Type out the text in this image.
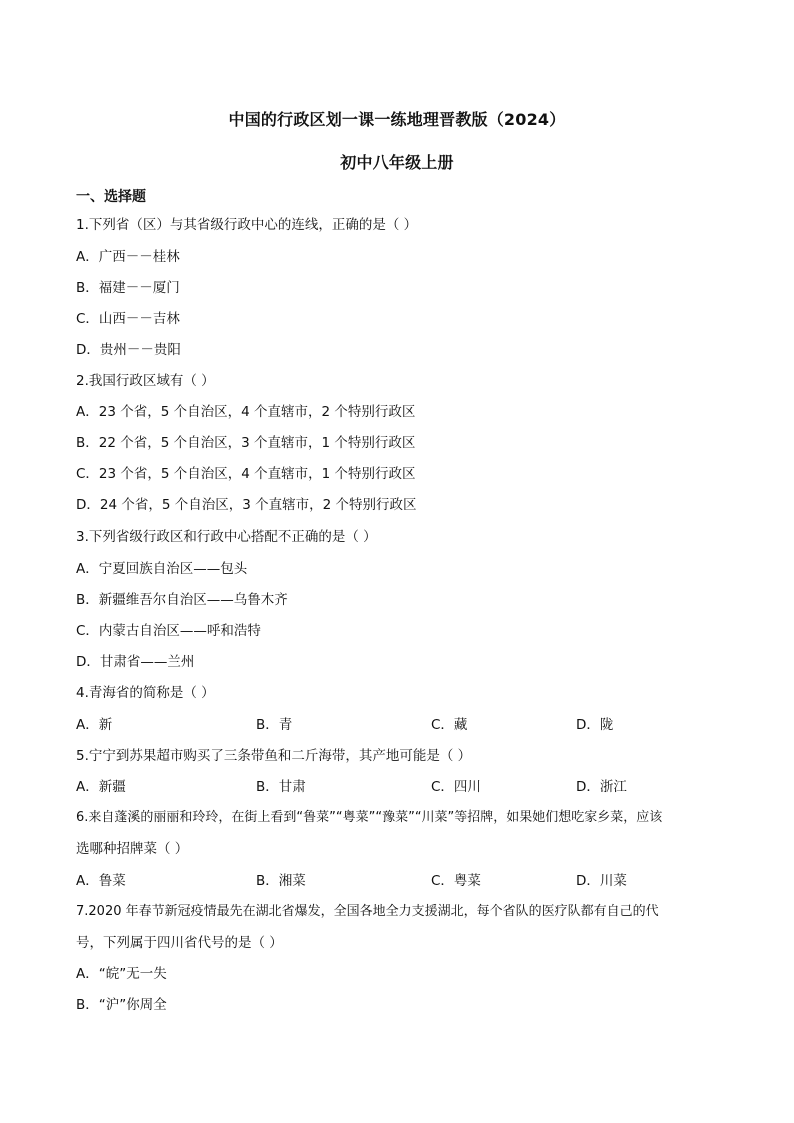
中国的行政区划一课一练地理晋教版（2024）
初中八年级上册
一、选择题
1.下列省（区）与其省级行政中心的连线，正确的是（ ）
A．广西－－桂林
B．福建－－厦门
C．山西－－吉林
D．贵州－－贵阳
2.我国行政区域有（ ）
A．23 个省，5 个自治区，4 个直辖市，2 个特别行政区
B．22 个省，5 个自治区，3 个直辖市，1 个特别行政区
C．23 个省，5 个自治区，4 个直辖市，1 个特别行政区
D．24 个省，5 个自治区，3 个直辖市，2 个特别行政区
3.下列省级行政区和行政中心搭配不正确的是（ ）
A．宁夏回族自治区——包头
B．新疆维吾尔自治区——乌鲁木齐
C．内蒙古自治区——呼和浩特
D．甘肃省——兰州
4.青海省的简称是（ ）
A．新	B．青	C．藏	D．陇
5.宁宁到苏果超市购买了三条带鱼和二斤海带，其产地可能是（ ）
A．新疆	B．甘肃	C．四川	D．浙江
6.来自蓬溪的丽丽和玲玲，在街上看到“鲁菜”“粤菜”“豫菜”“川菜”等招牌，如果她们想吃家乡菜，应该
选哪种招牌菜（ ）
A．鲁菜	B．湘菜	C．粤菜	D．川菜
7.2020 年春节新冠疫情最先在湖北省爆发，全国各地全力支援湖北，每个省队的医疗队都有自己的代
号，下列属于四川省代号的是（ ）
A．“皖”无一失
B．“沪”你周全
